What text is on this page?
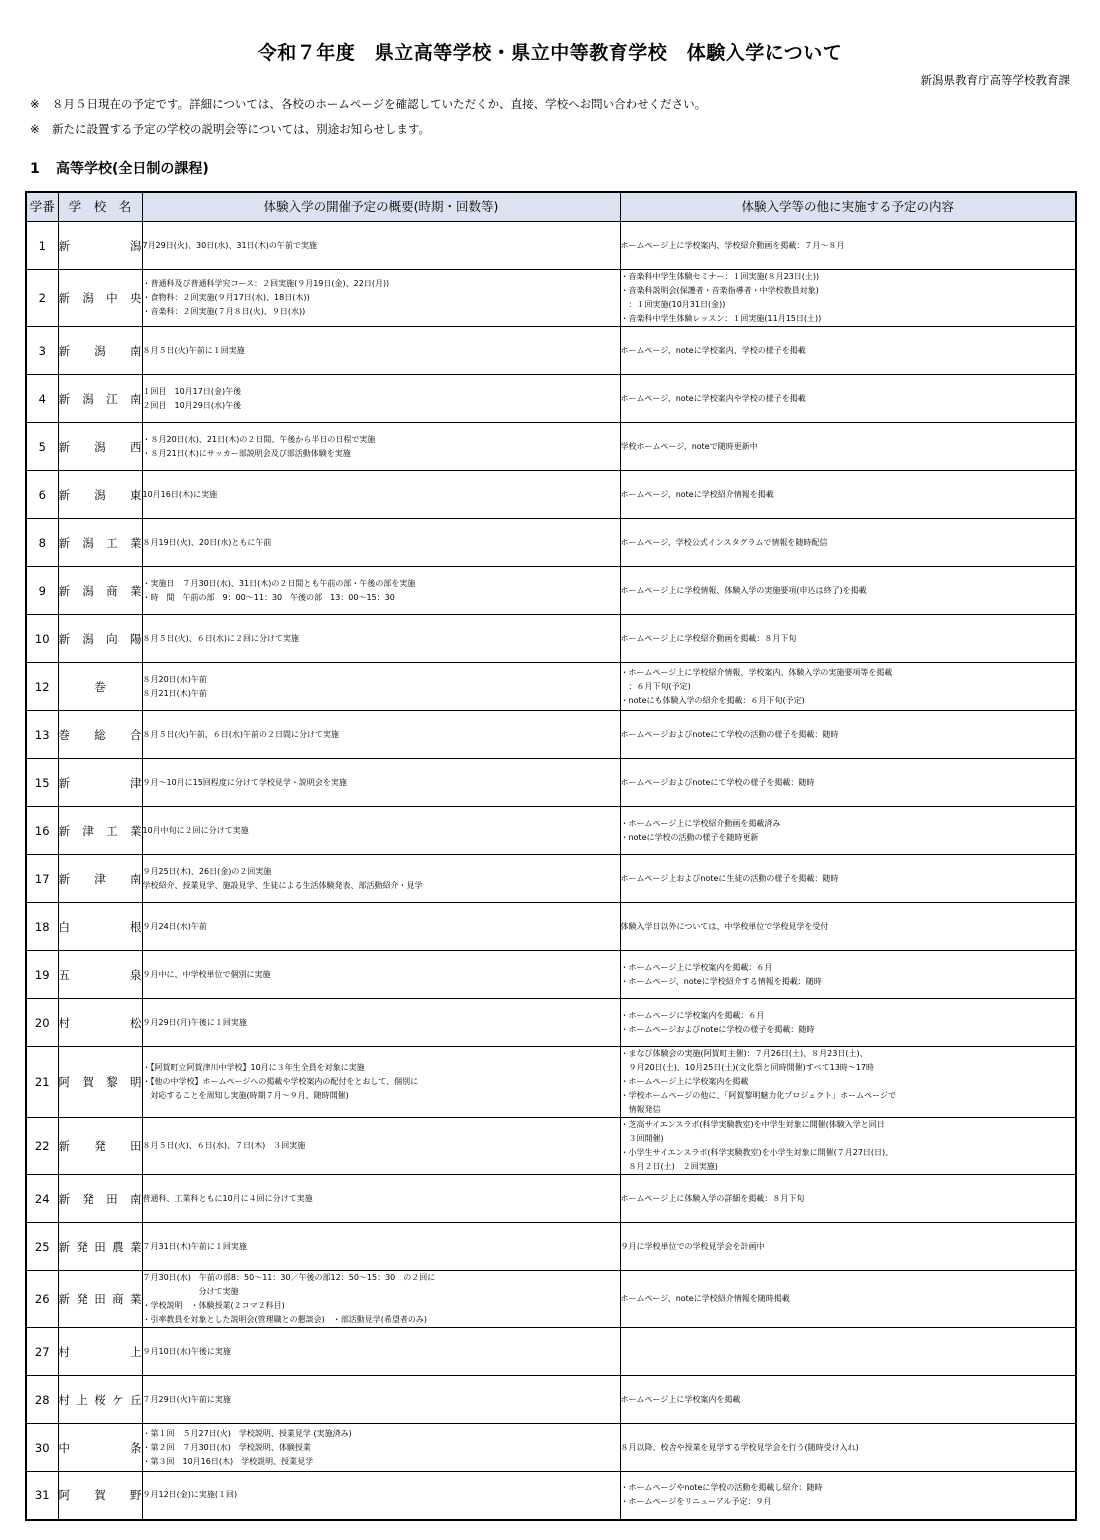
令和７年度　県立高等学校・県立中等教育学校　体験入学について
新潟県教育庁高等学校教育課
※ ８月５日現在の予定です。詳細については、各校のホームページを確認していただくか、直接、学校へお問い合わせください。
※ 新たに設置する予定の学校の説明会等については、別途お知らせします。
1 高等学校(全日制の課程)
学番	学　校　名	体験入学の開催予定の概要(時期・回数等)	体験入学等の他に実施する予定の内容
1	新潟	7月29日(火)、30日(水)、31日(木)の午前で実施	ホームページ上に学校案内、学校紹介動画を掲載：７月～８月

2	新潟中央	・普通科及び普通科学究コース：２回実施(９月19日(金)、22日(月))
・食物科：２回実施(９月17日(水)、18日(木))
・音楽科：２回実施(７月８日(火)、９日(水))	・音楽科中学生体験セミナー：１回実施(８月23日(土))
・音楽科説明会(保護者・音楽指導者・中学校教員対象)
　：１回実施(10月31日(金))
・音楽科中学生体験レッスン：１回実施(11月15日(土))

3	新潟南	８月５日(火)午前に１回実施	ホームページ、noteに学校案内、学校の様子を掲載

4	新潟江南	１回目　10月17日(金)午後
２回目　10月29日(水)午後	ホームページ、noteに学校案内や学校の様子を掲載

5	新潟西	・８月20日(水)、21日(木)の２日間、午後から半日の日程で実施
・８月21日(木)にサッカー部説明会及び部活動体験を実施	学校ホームページ、noteで随時更新中

6	新潟東	10月16日(木)に実施	ホームページ、noteに学校紹介情報を掲載

8	新潟工業	８月19日(火)、20日(水)ともに午前	ホームページ、学校公式インスタグラムで情報を随時配信

9	新潟商業	・実施日　７月30日(水)、31日(木)の２日間とも午前の部・午後の部を実施
・時　間　午前の部　9：00～11：30　午後の部　13：00～15：30	ホームページ上に学校情報、体験入学の実施要項(申込は終了)を掲載

10	新潟向陽	８月５日(火)、６日(水)に２回に分けて実施	ホームページ上に学校紹介動画を掲載：８月下旬

12	巻	８月20日(水)午前
８月21日(木)午前	・ホームページ上に学校紹介情報、学校案内、体験入学の実施要項等を掲載
　：６月下旬(予定)
・noteにも体験入学の紹介を掲載：６月下旬(予定)

13	巻総合	８月５日(火)午前、６日(水)午前の２日間に分けて実施	ホームページおよびnoteにて学校の活動の様子を掲載：随時

15	新津	９月～10月に15回程度に分けて学校見学・説明会を実施	ホームページおよびnoteにて学校の様子を掲載：随時

16	新津工業	10月中旬に２回に分けて実施	・ホームページ上に学校紹介動画を掲載済み
・noteに学校の活動の様子を随時更新

17	新津南	９月25日(木)、26日(金)の２回実施
学校紹介、授業見学、施設見学、生徒による生活体験発表、部活動紹介・見学	ホームページ上およびnoteに生徒の活動の様子を掲載：随時

18	白根	９月24日(水)午前	体験入学日以外については、中学校単位で学校見学を受付

19	五泉	９月中に、中学校単位で個別に実施	・ホームページ上に学校案内を掲載：６月
・ホームページ、noteに学校紹介する情報を掲載：随時

20	村松	９月29日(月)午後に１回実施	・ホームページに学校案内を掲載：６月
・ホームページおよびnoteに学校の様子を掲載：随時

21	阿賀黎明	・【阿賀町立阿賀津川中学校】10月に３年生全員を対象に実施
・【他の中学校】ホームページへの掲載や学校案内の配付をとおして、個別に
　対応することを周知し実施(時期７月～９月、随時開催)	・まなび体験会の実施(阿賀町主催)：７月26日(土)、８月23日(土)、
　９月20日(土)、10月25日(土)(文化祭と同時開催)すべて13時～17時
・ホームページ上に学校案内を掲載
・学校ホームページの他に、「阿賀黎明魅力化プロジェクト」ホームページで
　情報発信

22	新発田	８月５日(火)、６日(水)、７日(木)　３回実施	・芝高サイエンスラボ(科学実験教室)を中学生対象に開催(体験入学と同日
　３回開催)
・小学生サイエンスラボ(科学実験教室)を小学生対象に開催(７月27日(日)、
　８月２日(土)　２回実施)

24	新発田南	普通科、工業科ともに10月に４回に分けて実施	ホームページ上に体験入学の詳細を掲載：８月下旬

25	新発田農業	７月31日(木)午前に１回実施	９月に学校単位での学校見学会を計画中

26	新発田商業	７月30日(水)　午前の部8：50～11：30／午後の部12：50～15：30　の２回に
　　　　　　　分けて実施
・学校説明　・体験授業(２コマ２科目)
・引率教員を対象とした説明会(管理職との懇談会)　・部活動見学(希望者のみ)	ホームページ、noteに学校紹介情報を随時掲載

27	村上	９月10日(水)午後に実施	

28	村上桜ケ丘	７月29日(火)午前に実施	ホームページ上に学校案内を掲載

30	中条	・第１回　５月27日(火)　学校説明、授業見学 (実施済み)
・第２回　７月30日(水)　学校説明、体験授業
・第３回　10月16日(木)　学校説明、授業見学	８月以降、校舎や授業を見学する学校見学会を行う(随時受け入れ)

31	阿賀野	９月12日(金)に実施(１回)	・ホームページやnoteに学校の活動を掲載し紹介：随時
・ホームページをリニューアル予定：９月
